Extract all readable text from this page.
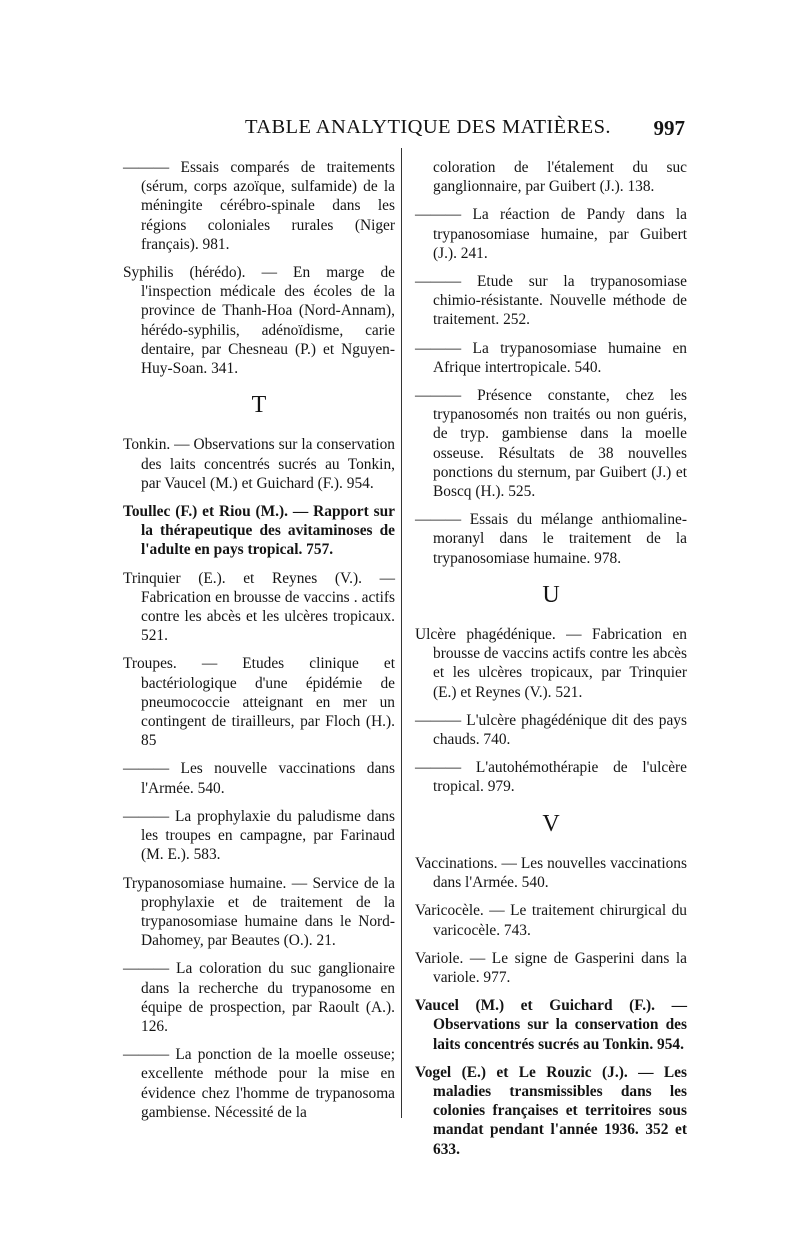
TABLE ANALYTIQUE DES MATIÈRES. 997

——— Essais comparés de traitements (sérum, corps azoïque, sulfamide) de la méningite cérébro-spinale dans les régions coloniales rurales (Niger français). 981.

Syphilis (hérédo). — En marge de l'inspection médicale des écoles de la province de Thanh-Hoa (Nord-Annam), hérédo-syphilis, adénoïdisme, carie dentaire, par Chesneau (P.) et Nguyen-Huy-Soan. 341.

T

Tonkin. — Observations sur la conservation des laits concentrés sucrés au Tonkin, par Vaucel (M.) et Guichard (F.). 954.

Toullec (F.) et Riou (M.). — Rapport sur la thérapeutique des avitaminoses de l'adulte en pays tropical. 757.

Trinquier (E.). et Reynes (V.). — Fabrication en brousse de vaccins . actifs contre les abcès et les ulcères tropicaux. 521.

Troupes. — Etudes clinique et bactériologique d'une épidémie de pneumococcie atteignant en mer un contingent de tirailleurs, par Floch (H.). 85

——— Les nouvelle vaccinations dans l'Armée. 540.

——— La prophylaxie du paludisme dans les troupes en campagne, par Farinaud (M. E.). 583.

Trypanosomiase humaine. — Service de la prophylaxie et de traitement de la trypanosomiase humaine dans le Nord-Dahomey, par Beautes (O.). 21.

——— La coloration du suc ganglionaire dans la recherche du trypanosome en équipe de prospection, par Raoult (A.). 126.

——— La ponction de la moelle osseuse; excellente méthode pour la mise en évidence chez l'homme de trypanosoma gambiense. Nécessité de la

coloration de l'étalement du suc ganglionnaire, par Guibert (J.). 138.

——— La réaction de Pandy dans la trypanosomiase humaine, par Guibert (J.). 241.

——— Etude sur la trypanosomiase chimio-résistante. Nouvelle méthode de traitement. 252.

——— La trypanosomiase humaine en Afrique intertropicale. 540.

——— Présence constante, chez les trypanosomés non traités ou non guéris, de tryp. gambiense dans la moelle osseuse. Résultats de 38 nouvelles ponctions du sternum, par Guibert (J.) et Boscq (H.). 525.

——— Essais du mélange anthiomaline-moranyl dans le traitement de la trypanosomiase humaine. 978.

U

Ulcère phagédénique. — Fabrication en brousse de vaccins actifs contre les abcès et les ulcères tropicaux, par Trinquier (E.) et Reynes (V.). 521.

——— L'ulcère phagédénique dit des pays chauds. 740.

——— L'autohémothérapie de l'ulcère tropical. 979.

V

Vaccinations. — Les nouvelles vaccinations dans l'Armée. 540.

Varicocèle. — Le traitement chirurgical du varicocèle. 743.

Variole. — Le signe de Gasperini dans la variole. 977.

Vaucel (M.) et Guichard (F.). — Observations sur la conservation des laits concentrés sucrés au Tonkin. 954.

Vogel (E.) et Le Rouzic (J.). — Les maladies transmissibles dans les colonies françaises et territoires sous mandat pendant l'année 1936. 352 et 633.
